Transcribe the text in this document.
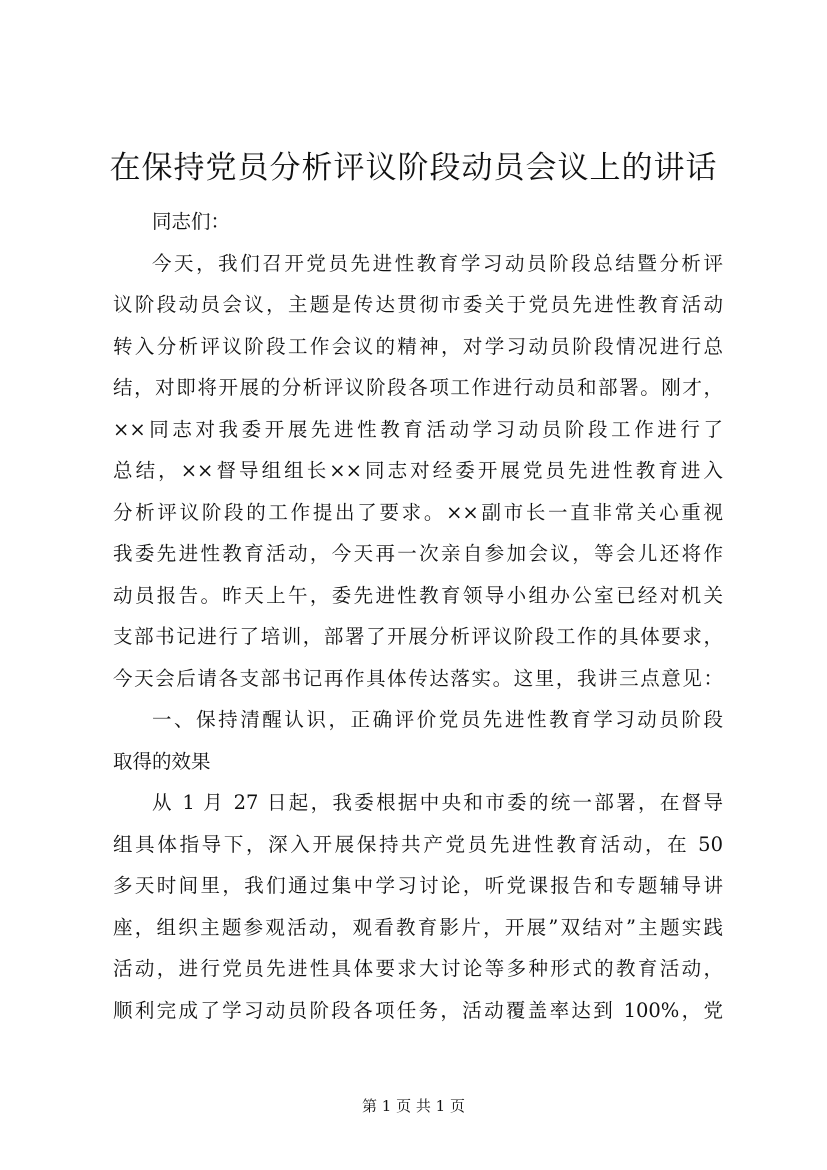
在保持党员分析评议阶段动员会议上的讲话
同志们：
今天，我们召开党员先进性教育学习动员阶段总结暨分析评
议阶段动员会议，主题是传达贯彻市委关于党员先进性教育活动
转入分析评议阶段工作会议的精神，对学习动员阶段情况进行总
结，对即将开展的分析评议阶段各项工作进行动员和部署。刚才，
××同志对我委开展先进性教育活动学习动员阶段工作进行了
总结，××督导组组长××同志对经委开展党员先进性教育进入
分析评议阶段的工作提出了要求。××副市长一直非常关心重视
我委先进性教育活动，今天再一次亲自参加会议，等会儿还将作
动员报告。昨天上午，委先进性教育领导小组办公室已经对机关
支部书记进行了培训，部署了开展分析评议阶段工作的具体要求，
今天会后请各支部书记再作具体传达落实。这里，我讲三点意见：
一、保持清醒认识，正确评价党员先进性教育学习动员阶段
取得的效果
从 1 月 27 日起，我委根据中央和市委的统一部署，在督导
组具体指导下，深入开展保持共产党员先进性教育活动，在 50
多天时间里，我们通过集中学习讨论，听党课报告和专题辅导讲
座，组织主题参观活动，观看教育影片，开展”双结对”主题实践
活动，进行党员先进性具体要求大讨论等多种形式的教育活动，
顺利完成了学习动员阶段各项任务，活动覆盖率达到 100%，党
第 1 页 共 1 页
